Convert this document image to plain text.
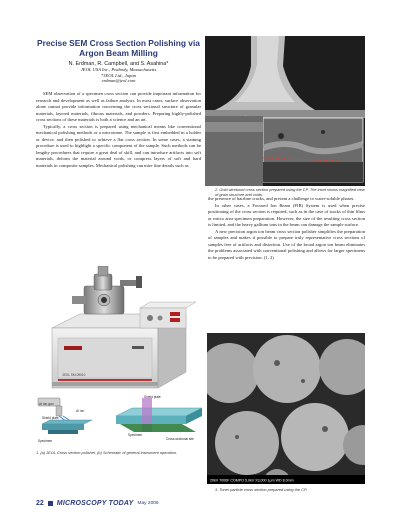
Precise SEM Cross Section Polishing via
Argon Beam Milling
N. Erdman, R. Campbell, and S. Asahina*
JEOL USA Inc., Peabody, Massachusetts
*JEOL Ltd., Japan
erdman@jeol.com

SEM observation of a specimen cross section can provide important information for research and development as well as failure analysis. In most cases, surface observation alone cannot provide information concerning the cross sectional structure of granular materials, layered materials, fibrous materials, and powders. Preparing highly-polished cross sections of these materials is both a science and an art.

Typically, a cross section is prepared using mechanical means like conventional mechanical polishing methods or a microtome. The sample is first embedded in a holder or device, and then polished to achieve a flat cross section. In some cases, a staining procedure is used to highlight a specific component of the sample. Such methods can be lengthy procedures that require a great deal of skill, and can introduce artifacts into soft materials, deform the material around voids, or compress layers of soft and hard materials in composite samples. Mechanical polishing can mire fine details such as

JEOL SM-09010
Ar ion gun
Ar ion
Shield plate
Specimen
Shield plate
Specimen
Cross-sectional site
1. (a) JEOL Cross section polisher, (b) Schematic of general instrument operation.
2. Gold wirebond cross section prepared using the CP. The inset shows magnified view of grain structure and voids.

the presence of hairline cracks, and present a challenge to water-soluble phases.

In other cases, a Focused Ion Beam (FIB) System is used when precise positioning of the cross section is required, such as in the case of stacks of thin films or micro area specimen preparation. However, the size of the resulting cross section is limited, and the heavy gallium ions in the beam can damage the sample surface.

A new precision argon ion beam cross section polisher simplifies the preparation of samples and makes it possible to prepare truly representative cross sections of samples free of artifacts and distortion. Use of the broad argon ion beam eliminates the problems associated with conventional polishing and allows for larger specimens to be prepared with precision. (1, 2)

20kV 7006F COMPO 5.0kV X3,000 1μm WD 8.0mm
3. Toner particle cross section prepared using the CP.
22 MICROSCOPY TODAY May 2006
